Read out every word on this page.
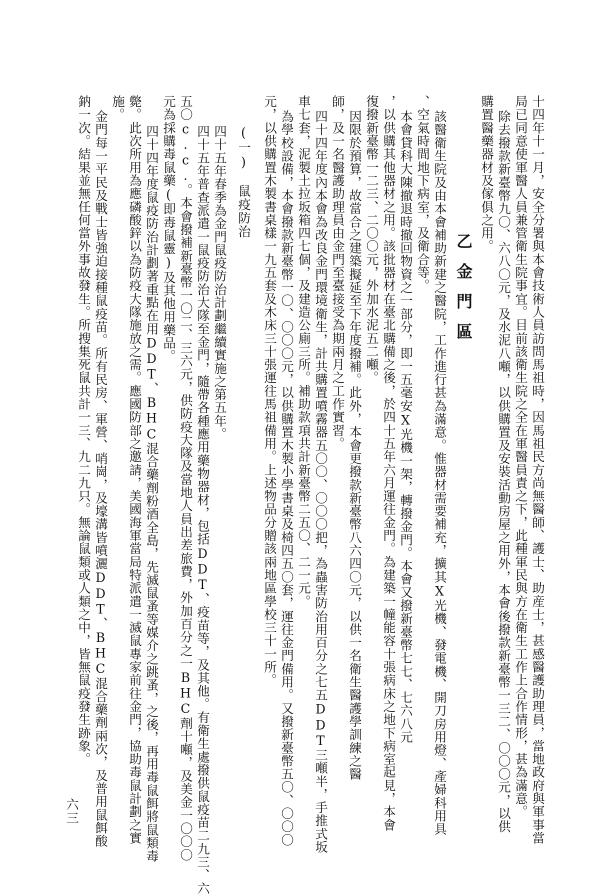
十四年十一月，安全分署與本會技術人員訪問馬祖時，因馬祖民方尚無醫師、護士、助産士，甚感醫護助理員，當地政府與軍事當
局已同意使軍醫人員兼管衛生院事宜。目前該衛生院之全在軍醫員責之下，此種軍民與方在衛生工作上合作情形，甚為滿意。
除去撥款新臺幣九〇、六八〇元，及水泥八噸，以供購置及安裝活動房屋之用外，本會後撥款新臺幣一三二、〇〇〇元，以供
購置醫藥器材及傢俱之用。
乙金門區
該醫衛生院及由本會補助新建之醫院，工作進行甚為滿意。惟器材需要補充，擴其X光機、發電機、開刀房用燈、產婦科用具
、空氣時間地下病室，及衛合等。
本會貸科大陳撤退時撤回物資之一部分，即一五毫安X光機一架，轉撥金門。本會又撥新臺幣七七、七六八元
，以供購其他器材之用。該批器材在臺北購備之後，於四十五年六月運往金門。為建築一幢能容十張病床之地下病室起見，本會
復撥新臺幣一二三、二〇〇元，外加水泥五二噸。
因限於預算，故當合之建築擬延至下年度撥補。此外，本會更撥款新臺幣八六四〇元，以供一名衛生醫護學訓練之醫
師，及一名醫護助理員由金門至臺接受為期兩月之工作實習。
四十四年度內本會為改良金門環境衛生，計共購置噴霧器五〇〇、〇〇〇把，為蟲害防治用百分之七五DDT三噸半，手推式坂
車七套，泥製土拉坂箱四七個，及建造公廁三所。補助款項共計新臺幣二五〇、二一元。
為學校設備，本會撥款新臺幣一〇、〇〇〇元，以供購置木製小學書桌及椅四五〇套，運往金門備用。又撥新臺幣五〇、〇〇〇
元，以供購置木製書桌樣一九五套及木床三十張運往馬祖備用。上述物品分贈該兩地區學校三十一所。
(一)　鼠疫防治
四十五年春季為金門鼠疫防治計劃繼續實施之第五年。
四十五年普查派遣一鼠疫防治大隊至金門，隨帶各種應用藥物器材，包括DDT、疫苗等，及其他。有衛生處撥供鼠疫苗二九三、六
五〇c.c.。本會撥補新臺幣一〇二、三六元，供防疫大隊及當地人員出差旅費，外加百分之一BHC劑十噸，及美金一〇〇〇
元為採購毒鼠藥(即毒鼠靈)及其他用藥品。
四十四年度鼠疫防治計劃著重點在用DDT、BHC混合藥劑粉酒全島，先滅鼠蚤等媒介之跳蚤，之後，再用毒鼠餌將鼠類毒
斃。此次所用為應磷酸鋅以為防疫大隊施放之需。應國防部之邀請，美國海軍當局特派遣一滅鼠專家前往金門，協助毒鼠計劃之實
施。
金門每一平民及戰士皆強迫接種鼠疫苗。所有民房、軍營、哨崗，及壕溝皆噴灑DDT、BHC混合藥劑兩次，及普用鼠餌酸
鈉一次。結果並無任何當外事故發生。所搜集死鼠共計一三、九二九只。無論鼠類或人類之中，皆無鼠疫發生跡象。
六三
